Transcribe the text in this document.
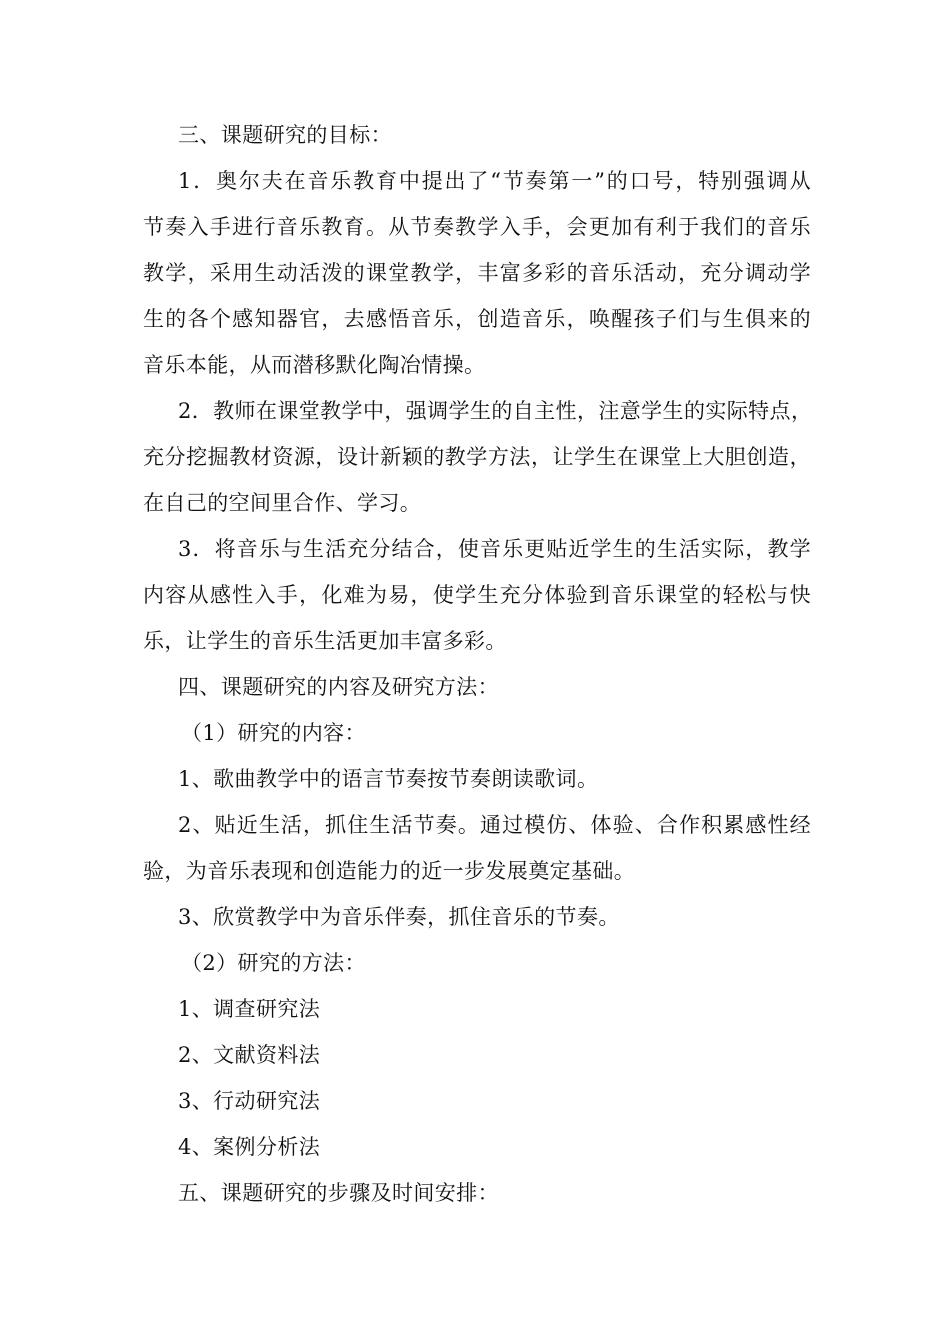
三、课题研究的目标：
1．奥尔夫在音乐教育中提出了“节奏第一”的口号，特别强调从
节奏入手进行音乐教育。从节奏教学入手，会更加有利于我们的音乐
教学，采用生动活泼的课堂教学，丰富多彩的音乐活动，充分调动学
生的各个感知器官，去感悟音乐，创造音乐，唤醒孩子们与生俱来的
音乐本能，从而潜移默化陶冶情操。
2．教师在课堂教学中，强调学生的自主性，注意学生的实际特点，
充分挖掘教材资源，设计新颖的教学方法，让学生在课堂上大胆创造，
在自己的空间里合作、学习。
3．将音乐与生活充分结合，使音乐更贴近学生的生活实际，教学
内容从感性入手，化难为易，使学生充分体验到音乐课堂的轻松与快
乐，让学生的音乐生活更加丰富多彩。
四、课题研究的内容及研究方法：
（1）研究的内容：
1、歌曲教学中的语言节奏按节奏朗读歌词。
2、贴近生活，抓住生活节奏。通过模仿、体验、合作积累感性经
验，为音乐表现和创造能力的近一步发展奠定基础。
3、欣赏教学中为音乐伴奏，抓住音乐的节奏。
（2）研究的方法：
1、调查研究法
2、文献资料法
3、行动研究法
4、案例分析法
五、课题研究的步骤及时间安排：
